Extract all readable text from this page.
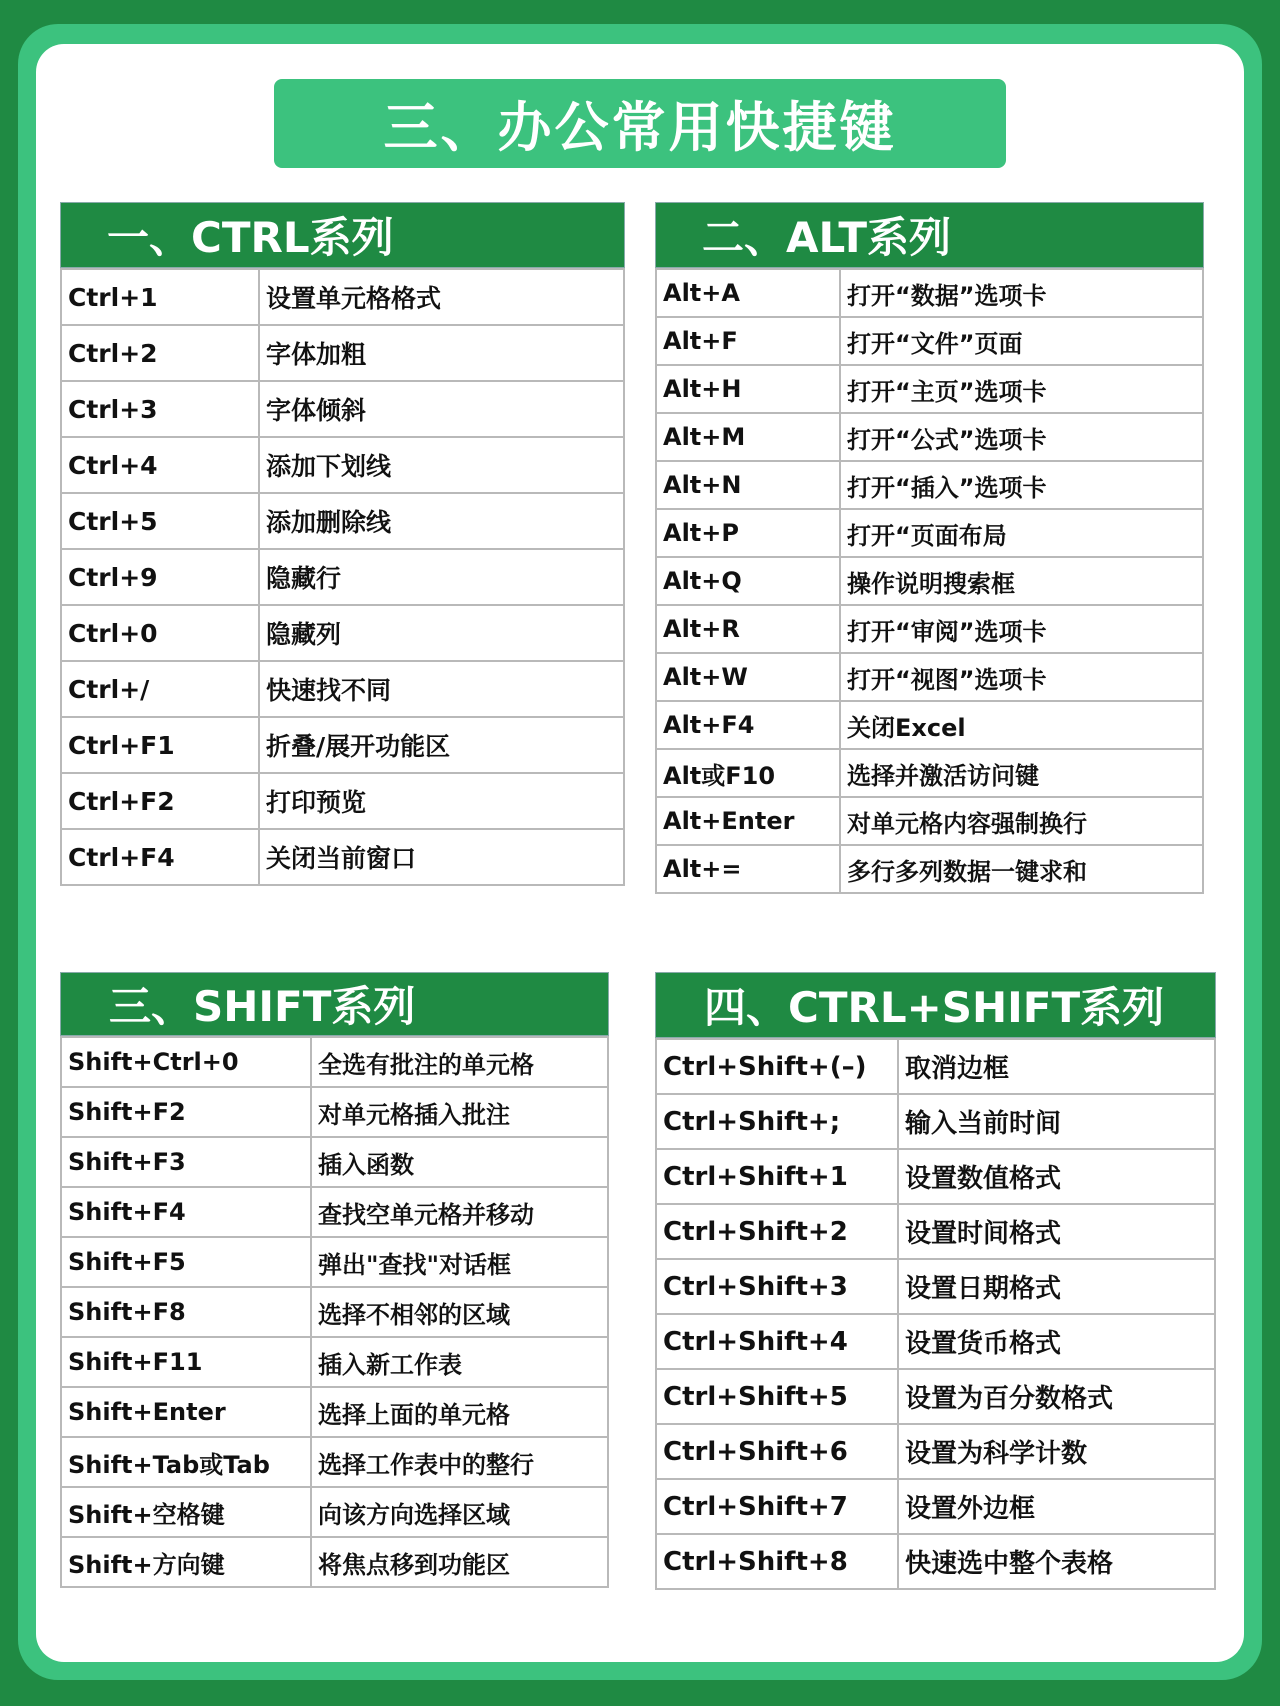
三、办公常用快捷键
一、CTRL系列
Ctrl+1	设置单元格格式
Ctrl+2	字体加粗
Ctrl+3	字体倾斜
Ctrl+4	添加下划线
Ctrl+5	添加删除线
Ctrl+9	隐藏行
Ctrl+0	隐藏列
Ctrl+/	快速找不同
Ctrl+F1	折叠/展开功能区
Ctrl+F2	打印预览
Ctrl+F4	关闭当前窗口
二、ALT系列
Alt+A	打开“数据”选项卡
Alt+F	打开“文件”页面
Alt+H	打开“主页”选项卡
Alt+M	打开“公式”选项卡
Alt+N	打开“插入”选项卡
Alt+P	打开“页面布局
Alt+Q	操作说明搜索框
Alt+R	打开“审阅”选项卡
Alt+W	打开“视图”选项卡
Alt+F4	关闭Excel
Alt或F10	选择并激活访问键
Alt+Enter	对单元格内容强制换行
Alt+=	多行多列数据一键求和
三、SHIFT系列
Shift+Ctrl+0	全选有批注的单元格
Shift+F2	对单元格插入批注
Shift+F3	插入函数
Shift+F4	查找空单元格并移动
Shift+F5	弹出"查找"对话框
Shift+F8	选择不相邻的区域
Shift+F11	插入新工作表
Shift+Enter	选择上面的单元格
Shift+Tab或Tab	选择工作表中的整行
Shift+空格键	向该方向选择区域
Shift+方向键	将焦点移到功能区
四、CTRL+SHIFT系列
Ctrl+Shift+(–)	取消边框
Ctrl+Shift+;	输入当前时间
Ctrl+Shift+1	设置数值格式
Ctrl+Shift+2	设置时间格式
Ctrl+Shift+3	设置日期格式
Ctrl+Shift+4	设置货币格式
Ctrl+Shift+5	设置为百分数格式
Ctrl+Shift+6	设置为科学计数
Ctrl+Shift+7	设置外边框
Ctrl+Shift+8	快速选中整个表格
